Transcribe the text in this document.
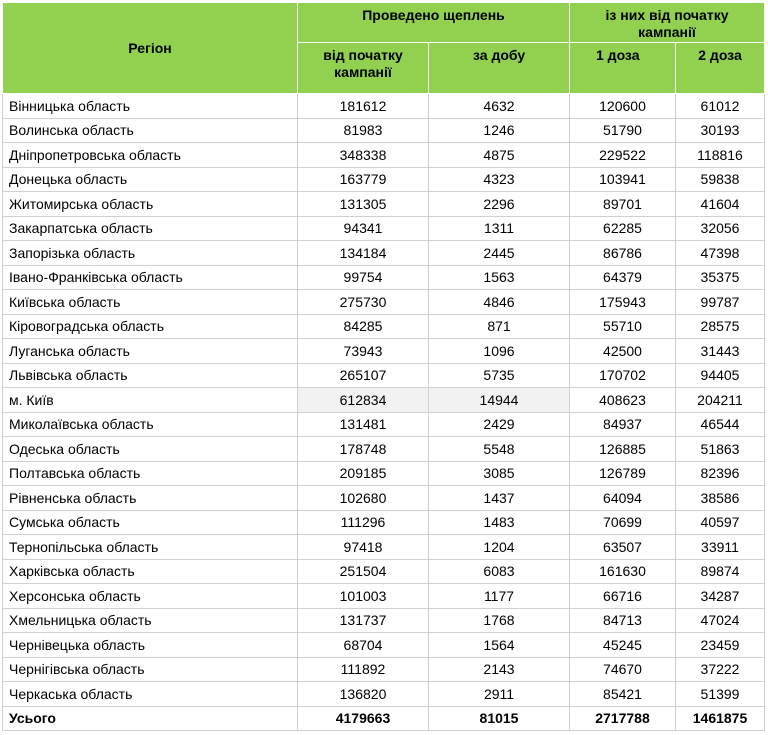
Регіон	Проведено щеплень		із них від початку кампанії	
	від початку кампанії	за добу	1 доза	2 доза
Вінницька область	181612	4632	120600	61012
Волинська область	81983	1246	51790	30193
Дніпропетровська область	348338	4875	229522	118816
Донецька область	163779	4323	103941	59838
Житомирська область	131305	2296	89701	41604
Закарпатська область	94341	1311	62285	32056
Запорізька область	134184	2445	86786	47398
Івано-Франківська область	99754	1563	64379	35375
Київська область	275730	4846	175943	99787
Кіровоградська область	84285	871	55710	28575
Луганська область	73943	1096	42500	31443
Львівська область	265107	5735	170702	94405
м. Київ	612834	14944	408623	204211
Миколаївська область	131481	2429	84937	46544
Одеська область	178748	5548	126885	51863
Полтавська область	209185	3085	126789	82396
Рівненська область	102680	1437	64094	38586
Сумська область	111296	1483	70699	40597
Тернопільська область	97418	1204	63507	33911
Харківська область	251504	6083	161630	89874
Херсонська область	101003	1177	66716	34287
Хмельницька область	131737	1768	84713	47024
Чернівецька область	68704	1564	45245	23459
Чернігівська область	111892	2143	74670	37222
Черкаська область	136820	2911	85421	51399
Усього	4179663	81015	2717788	1461875
